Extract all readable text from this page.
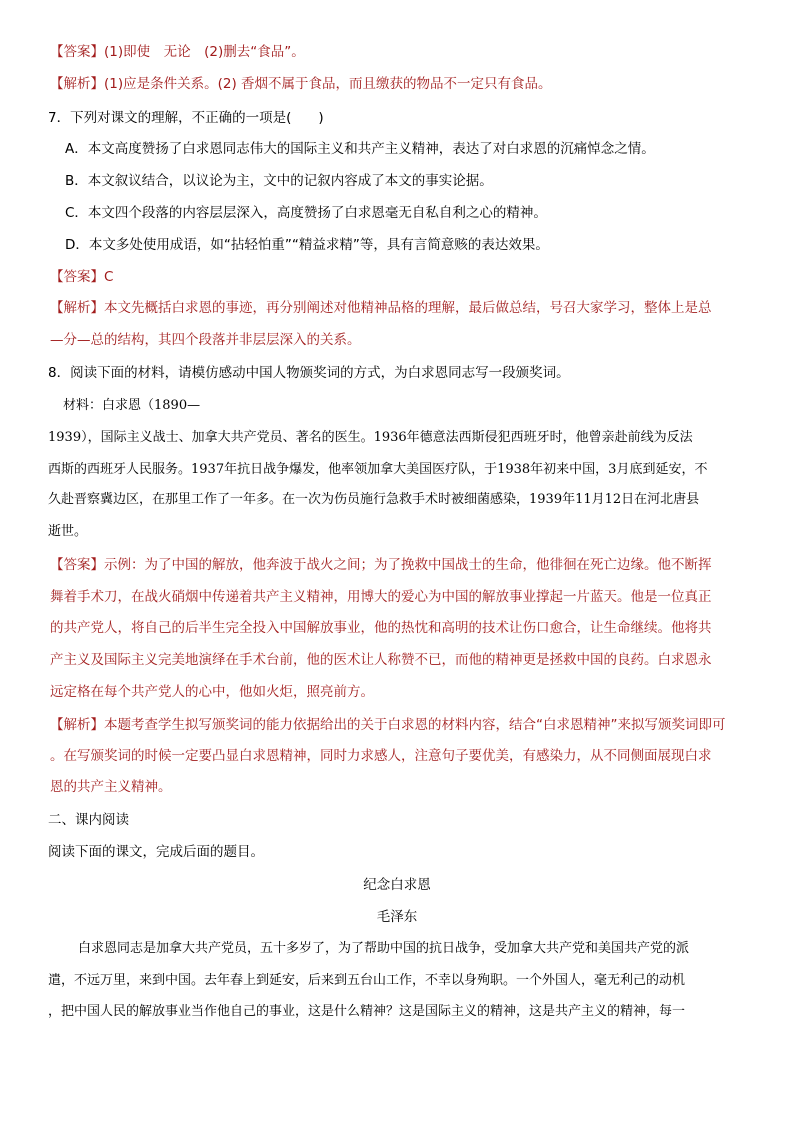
【答案】(1)即使　无论　(2)删去“食品”。
【解析】(1)应是条件关系。(2) 香烟不属于食品，而且缴获的物品不一定只有食品。
7．下列对课文的理解，不正确的一项是(　　)
A．本文高度赞扬了白求恩同志伟大的国际主义和共产主义精神，表达了对白求恩的沉痛悼念之情。
B．本文叙议结合，以议论为主，文中的记叙内容成了本文的事实论据。
C．本文四个段落的内容层层深入，高度赞扬了白求恩毫无自私自利之心的精神。
D．本文多处使用成语，如“拈轻怕重”“精益求精”等，具有言简意赅的表达效果。
【答案】C
【解析】本文先概括白求恩的事迹，再分别阐述对他精神品格的理解，最后做总结，号召大家学习，整体上是总
—分—总的结构，其四个段落并非层层深入的关系。
8．阅读下面的材料，请模仿感动中国人物颁奖词的方式，为白求恩同志写一段颁奖词。
材料：白求恩（1890—
1939），国际主义战士、加拿大共产党员、著名的医生。1936年德意法西斯侵犯西班牙时，他曾亲赴前线为反法
西斯的西班牙人民服务。1937年抗日战争爆发，他率领加拿大美国医疗队，于1938年初来中国，3月底到延安，不
久赴晋察冀边区，在那里工作了一年多。在一次为伤员施行急救手术时被细菌感染，1939年11月12日在河北唐县
逝世。
【答案】示例：为了中国的解放，他奔波于战火之间；为了挽救中国战士的生命，他徘徊在死亡边缘。他不断挥
舞着手术刀，在战火硝烟中传递着共产主义精神，用博大的爱心为中国的解放事业撑起一片蓝天。他是一位真正
的共产党人，将自己的后半生完全投入中国解放事业，他的热忱和高明的技术让伤口愈合，让生命继续。他将共
产主义及国际主义完美地演绎在手术台前，他的医术让人称赞不已，而他的精神更是拯救中国的良药。白求恩永
远定格在每个共产党人的心中，他如火炬，照亮前方。
【解析】本题考查学生拟写颁奖词的能力依据给出的关于白求恩的材料内容，结合“白求恩精神”来拟写颁奖词即可
。在写颁奖词的时候一定要凸显白求恩精神，同时力求感人，注意句子要优美，有感染力，从不同侧面展现白求
恩的共产主义精神。
二、课内阅读
阅读下面的课文，完成后面的题目。
纪念白求恩
毛泽东
白求恩同志是加拿大共产党员，五十多岁了，为了帮助中国的抗日战争，受加拿大共产党和美国共产党的派
遣，不远万里，来到中国。去年春上到延安，后来到五台山工作，不幸以身殉职。一个外国人，毫无利己的动机
，把中国人民的解放事业当作他自己的事业，这是什么精神？这是国际主义的精神，这是共产主义的精神，每一
